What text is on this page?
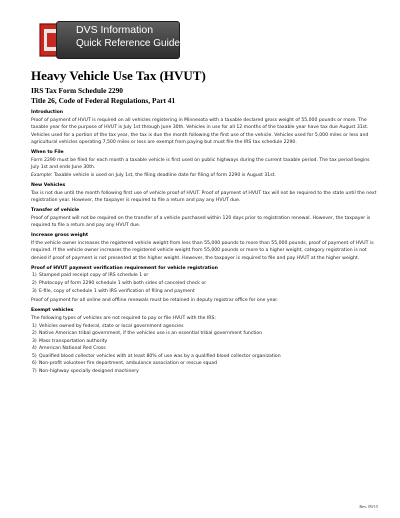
DVS Information
Quick Reference Guide
Heavy Vehicle Use Tax (HVUT)
IRS Tax Form Schedule 2290
Title 26, Code of Federal Regulations, Part 41
Introduction
Proof of payment of HVUT is required on all vehicles registering in Minnesota with a taxable declared gross weight of 55,000 pounds or more. The taxable year for the purpose of HVUT is July 1st through June 30th. Vehicles in use for all 12 months of the taxable year have tax due August 31st. Vehicles used for a portion of the tax year, the tax is due the month following the first use of the vehicle. Vehicles used for 5,000 miles or less and agricultural vehicles operating 7,500 miles or less are exempt from paying but must file the IRS tax schedule 2290.
When to File
Form 2290 must be filed for each month a taxable vehicle is first used on public highways during the current taxable period. The tax period begins July 1st and ends June 30th.
Example: Taxable vehicle is used on July 1st, the filing deadline date for filing of form 2290 is August 31st.
New Vehicles
Tax is not due until the month following first use of vehicle proof of HVUT. Proof of payment of HVUT tax will not be required to the state until the next registration year. However, the taxpayer is required to file a return and pay any HVUT due.
Transfer of vehicle
Proof of payment will not be required on the transfer of a vehicle purchased within 120 days prior to registration renewal. However, the taxpayer is required to file a return and pay any HVUT due.
Increase gross weight
If the vehicle owner increases the registered vehicle weight from less than 55,000 pounds to more than 55,000 pounds, proof of payment of HVUT is required. If the vehicle owner increases the registered vehicle weight from 55,000 pounds or more to a higher weight, category registration is not denied if proof of payment is not presented at the higher weight. However, the taxpayer is required to file and pay HVUT at the higher weight.
Proof of HVUT payment verification requirement for vehicle registration
1) Stamped paid receipt copy of IRS schedule 1 or
2) Photocopy of form 2290 schedule 1 with both sides of canceled check or
3) E-file, copy of schedule 1 with IRS verification of filing and payment
Proof of payment for all online and offline renewals must be retained in deputy registrar office for one year.
Exempt vehicles
The following types of vehicles are not required to pay or file HVUT with the IRS:
1) Vehicles owned by federal, state or local government agencies
2) Native American tribal government, if the vehicles use is an essential tribal government function
3) Mass transportation authority
4) American National Red Cross
5) Qualified blood collector vehicles with at least 80% of use was by a qualified blood collector organization
6) Non-profit volunteer fire department, ambulance association or rescue squad
7) Non-highway specially designed machinery
Rev. 09/15
